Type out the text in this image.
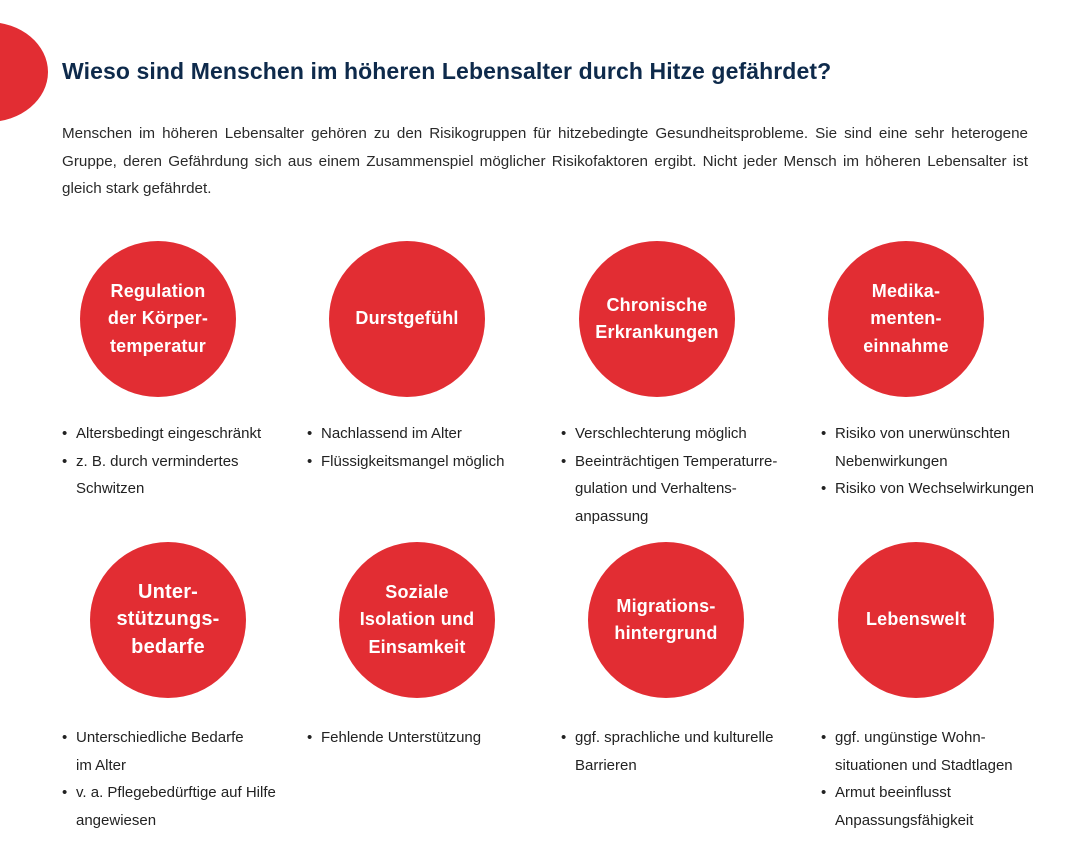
Wieso sind Menschen im höheren Lebensalter durch Hitze gefährdet?

Menschen im höheren Lebensalter gehören zu den Risikogruppen für hitzebedingte Gesundheitsprobleme. Sie sind eine sehr heterogene Gruppe, deren Gefährdung sich aus einem Zusammenspiel möglicher Risikofaktoren ergibt. Nicht jeder Mensch im höheren Lebensalter ist gleich stark gefährdet.

Regulation
der Körper-
temperatur
Durstgefühl
Chronische
Erkrankungen
Medika-
menten-
einnahme
• Altersbedingt eingeschränkt
• z. B. durch vermindertes
Schwitzen
• Nachlassend im Alter
• Flüssigkeitsmangel möglich
• Verschlechterung möglich
• Beeinträchtigen Temperaturre-
gulation und Verhaltens-
anpassung
• Risiko von unerwünschten
Nebenwirkungen
• Risiko von Wechselwirkungen
Unter-
stützungs-
bedarfe
Soziale
Isolation und
Einsamkeit
Migrations-
hintergrund
Lebenswelt
• Unterschiedliche Bedarfe
im Alter
• v. a. Pflegebedürftige auf Hilfe
angewiesen
• Fehlende Unterstützung
•	ggf. sprachliche und kulturelle
Barrieren
• ggf. ungünstige Wohn-
situationen und Stadtlagen
• Armut beeinflusst
Anpassungsfähigkeit
